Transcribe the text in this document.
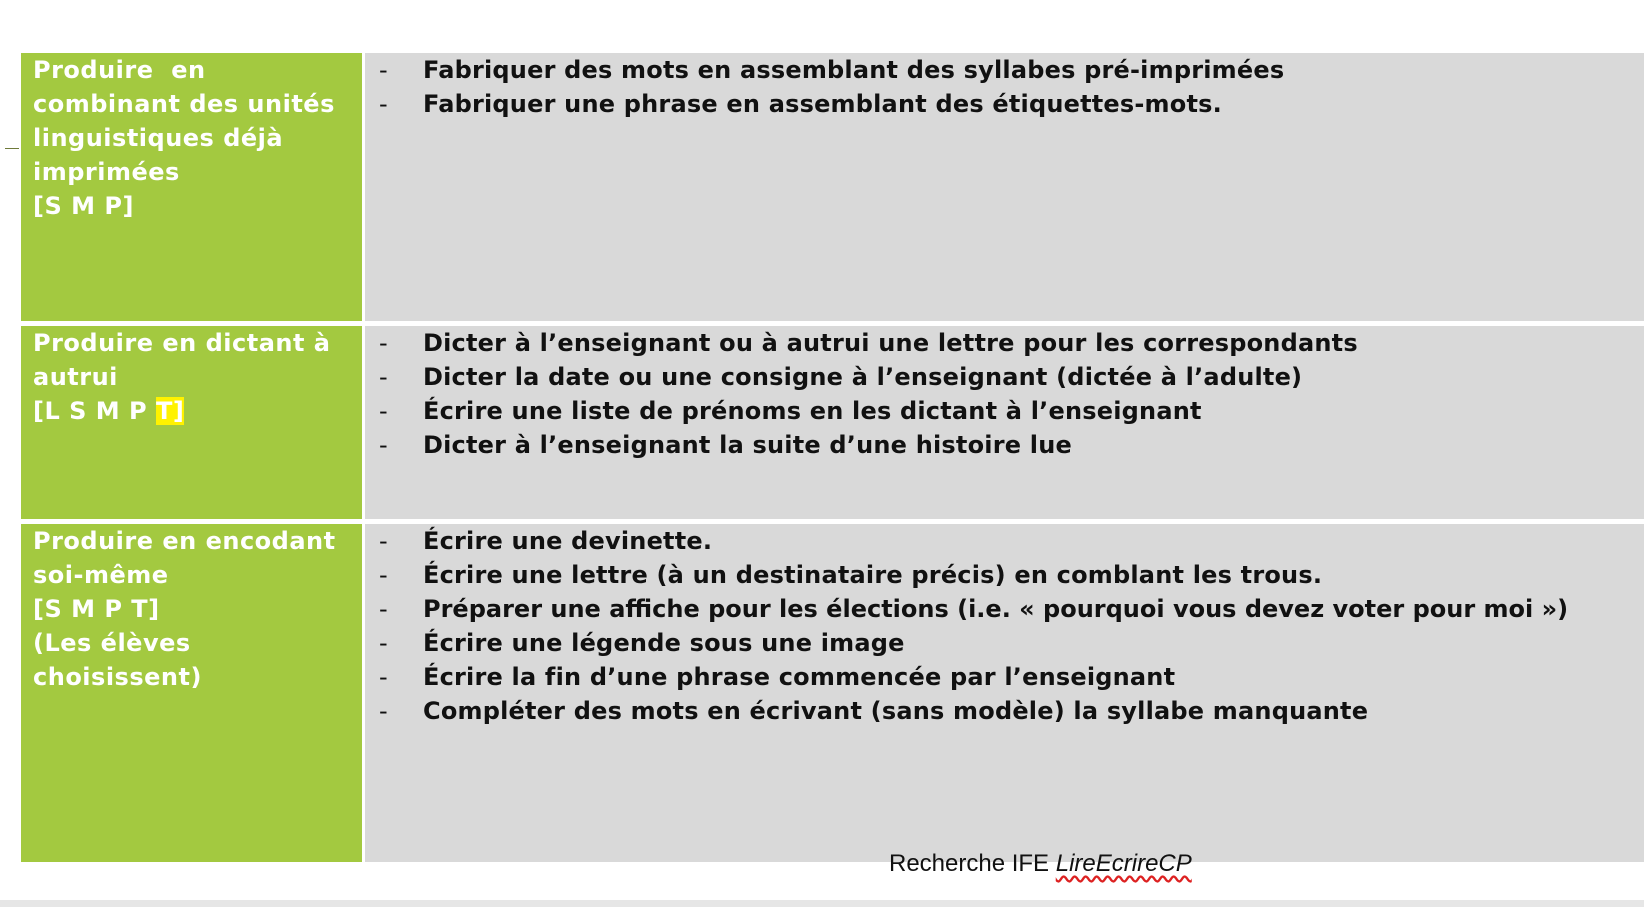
Produire  en
combinant des unités
linguistiques déjà
imprimées
[S M P]
-	Fabriquer des mots en assemblant des syllabes pré-imprimées
-	Fabriquer une phrase en assemblant des étiquettes-mots.
Produire en dictant à
autrui
[L S M P T]
-	Dicter à l’enseignant ou à autrui une lettre pour les correspondants
-	Dicter la date ou une consigne à l’enseignant (dictée à l’adulte)
-	Écrire une liste de prénoms en les dictant à l’enseignant
-	Dicter à l’enseignant la suite d’une histoire lue
Produire en encodant
soi-même
[S M P T]
(Les élèves
choisissent)
-	Écrire une devinette.
-	Écrire une lettre (à un destinataire précis) en comblant les trous.
-	Préparer une affiche pour les élections (i.e. « pourquoi vous devez voter pour moi »)
-	Écrire une légende sous une image
-	Écrire la fin d’une phrase commencée par l’enseignant
-	Compléter des mots en écrivant (sans modèle) la syllabe manquante
Recherche IFE LireEcrireCP
